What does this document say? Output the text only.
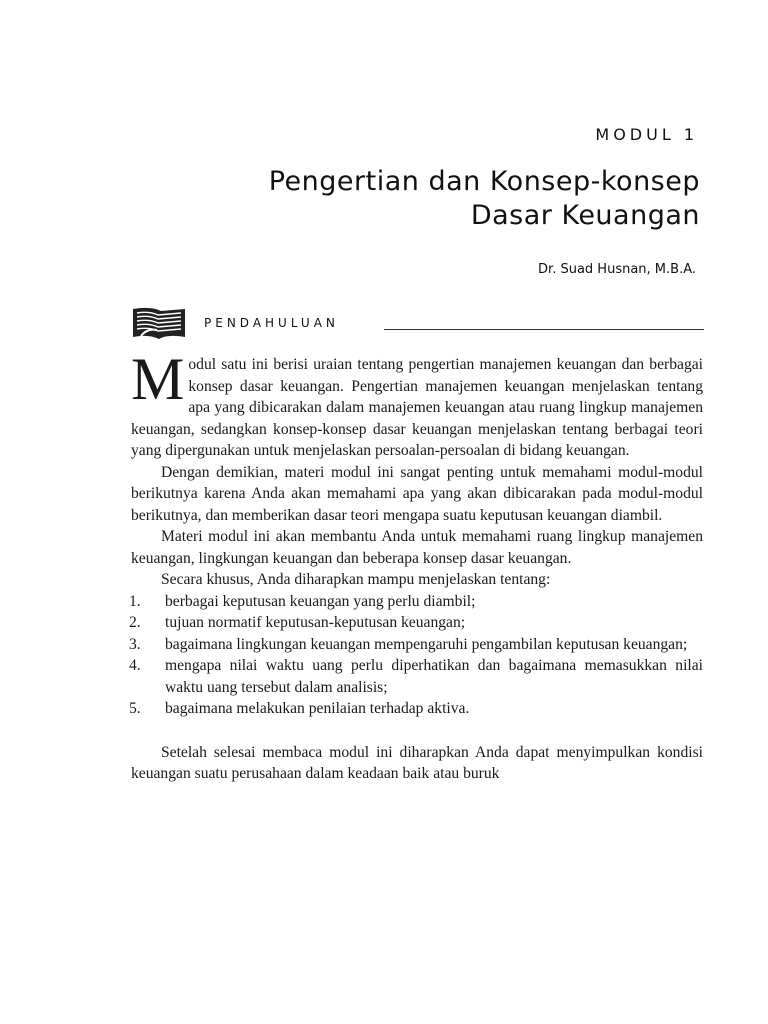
MODUL 1
Pengertian dan Konsep-konsep
Dasar Keuangan
Dr. Suad Husnan, M.B.A.
PENDAHULUAN

Modul satu ini berisi uraian tentang pengertian manajemen keuangan dan berbagai konsep dasar keuangan. Pengertian manajemen keuangan menjelaskan tentang apa yang dibicarakan dalam manajemen keuangan atau ruang lingkup manajemen keuangan, sedangkan konsep-konsep dasar keuangan menjelaskan tentang berbagai teori yang dipergunakan untuk menjelaskan persoalan-persoalan di bidang keuangan.

Dengan demikian, materi modul ini sangat penting untuk memahami modul-modul berikutnya karena Anda akan memahami apa yang akan dibicarakan pada modul-modul berikutnya, dan memberikan dasar teori mengapa suatu keputusan keuangan diambil.

Materi modul ini akan membantu Anda untuk memahami ruang lingkup manajemen keuangan, lingkungan keuangan dan beberapa konsep dasar keuangan.

Secara khusus, Anda diharapkan mampu menjelaskan tentang:

1. berbagai keputusan keuangan yang perlu diambil;
2. tujuan normatif keputusan-keputusan keuangan;
3. bagaimana lingkungan keuangan mempengaruhi pengambilan keputusan keuangan;
4. mengapa nilai waktu uang perlu diperhatikan dan bagaimana memasukkan nilai waktu uang tersebut dalam analisis;
5. bagaimana melakukan penilaian terhadap aktiva.

Setelah selesai membaca modul ini diharapkan Anda dapat menyimpulkan kondisi keuangan suatu perusahaan dalam keadaan baik atau buruk
